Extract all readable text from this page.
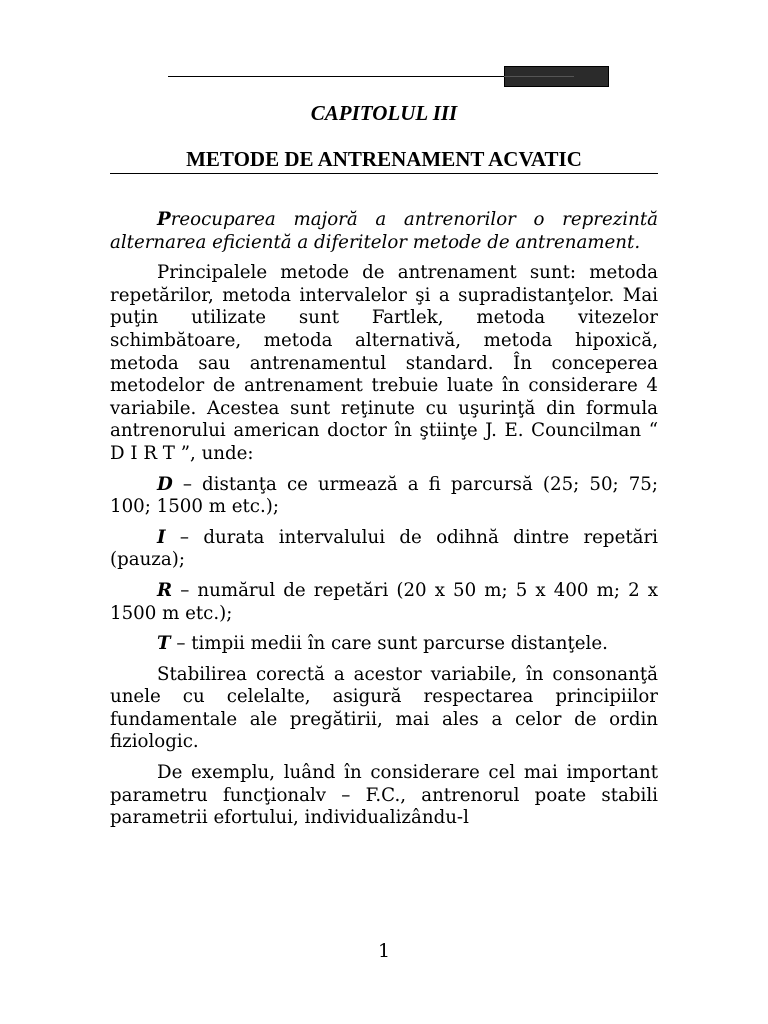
CAPITOLUL III
METODE DE ANTRENAMENT ACVATIC

Preocuparea majoră a antrenorilor o reprezintă alternarea eficientă a diferitelor metode de antrenament.

Principalele metode de antrenament sunt: metoda repetărilor, metoda intervalelor şi a supradistanţelor. Mai puţin utilizate sunt Fartlek, metoda vitezelor schimbătoare, metoda alternativă, metoda hipoxică, metoda sau antrenamentul standard. În conceperea metodelor de antrenament trebuie luate în considerare 4 variabile. Acestea sunt reţinute cu uşurinţă din formula antrenorului american doctor în ştiinţe J. E. Councilman “ D I R T ”, unde:

D – distanţa ce urmează a fi parcursă (25; 50; 75; 100; 1500 m etc.);

I – durata intervalului de odihnă dintre repetări (pauza);

R – numărul de repetări (20 x 50 m; 5 x 400 m; 2 x 1500 m etc.);

T – timpii medii în care sunt parcurse distanţele.

Stabilirea corectă a acestor variabile, în consonanţă unele cu celelalte, asigură respectarea principiilor fundamentale ale pregătirii, mai ales a celor de ordin fiziologic.

De exemplu, luând în considerare cel mai important parametru funcţionalv – F.C., antrenorul poate stabili parametrii efortului, individualizându-l

1
